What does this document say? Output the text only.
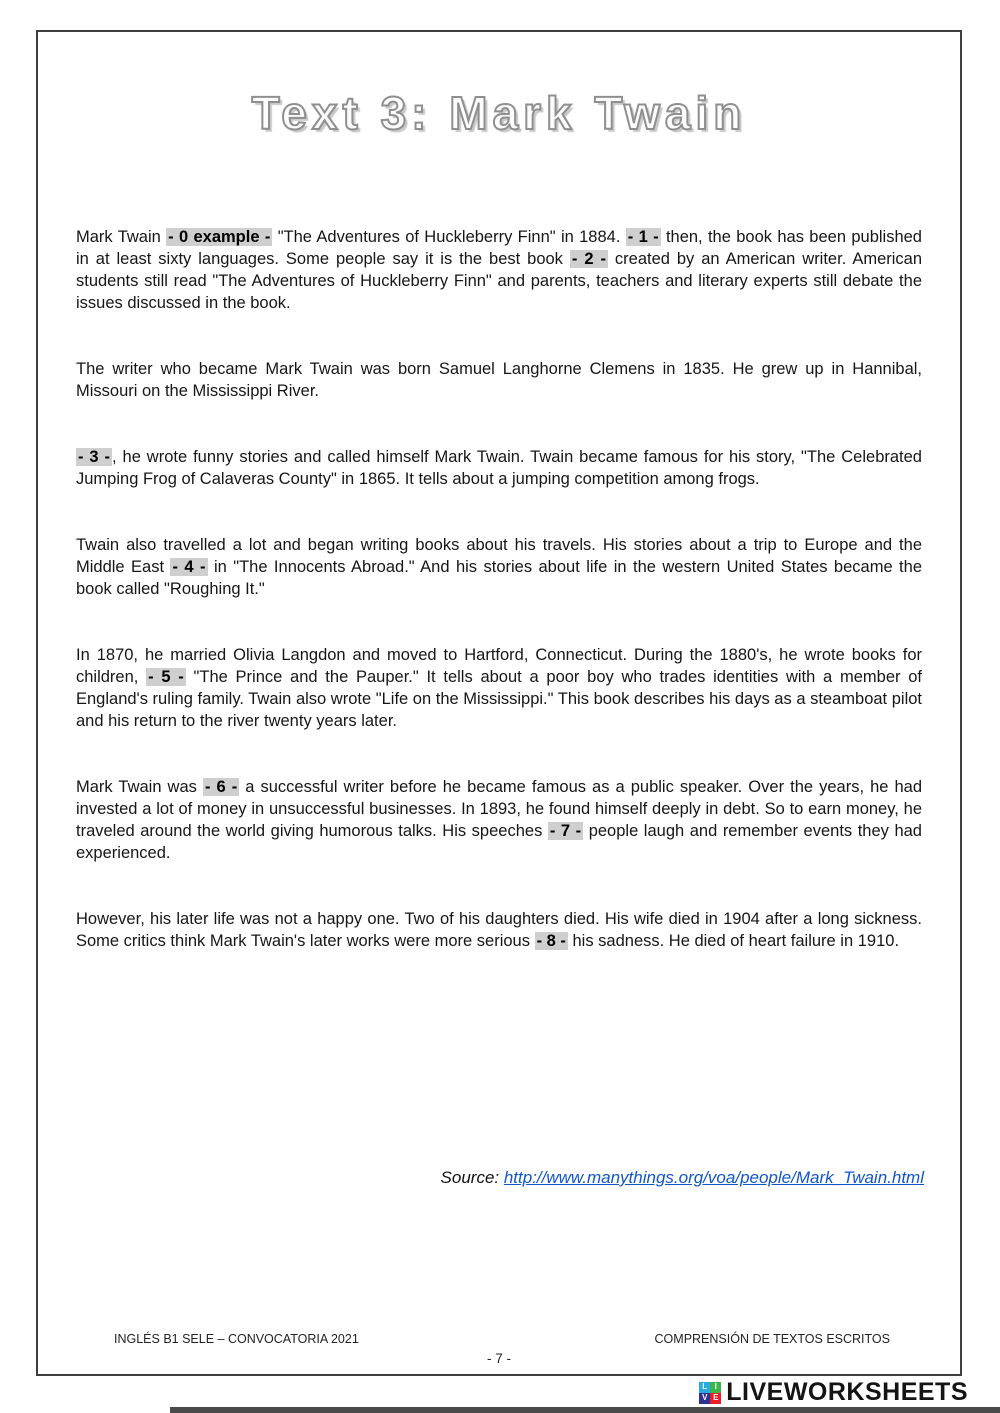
Text 3: Mark Twain

Mark Twain - 0 example - "The Adventures of Huckleberry Finn" in 1884. - 1 - then, the book has been published in at least sixty languages. Some people say it is the best book - 2 - created by an American writer. American students still read "The Adventures of Huckleberry Finn" and parents, teachers and literary experts still debate the issues discussed in the book.

The writer who became Mark Twain was born Samuel Langhorne Clemens in 1835. He grew up in Hannibal, Missouri on the Mississippi River.

- 3 - , he wrote funny stories and called himself Mark Twain. Twain became famous for his story, "The Celebrated Jumping Frog of Calaveras County" in 1865. It tells about a jumping competition among frogs.

Twain also travelled a lot and began writing books about his travels. His stories about a trip to Europe and the Middle East - 4 - in "The Innocents Abroad." And his stories about life in the western United States became the book called "Roughing It."

In 1870, he married Olivia Langdon and moved to Hartford, Connecticut. During the 1880's, he wrote books for children, - 5 - "The Prince and the Pauper." It tells about a poor boy who trades identities with a member of England's ruling family. Twain also wrote "Life on the Mississippi." This book describes his days as a steamboat pilot and his return to the river twenty years later.

Mark Twain was - 6 - a successful writer before he became famous as a public speaker. Over the years, he had invested a lot of money in unsuccessful businesses. In 1893, he found himself deeply in debt. So to earn money, he traveled around the world giving humorous talks. His speeches - 7 - people laugh and remember events they had experienced.

However, his later life was not a happy one. Two of his daughters died. His wife died in 1904 after a long sickness. Some critics think Mark Twain's later works were more serious - 8 - his sadness. He died of heart failure in 1910.

Source: http://www.manythings.org/voa/people/Mark_Twain.html
INGLÉS B1 SELE – CONVOCATORIA 2021	COMPRENSIÓN DE TEXTOS ESCRITOS
- 7 -
L I
V E LIVEWORKSHEETS
